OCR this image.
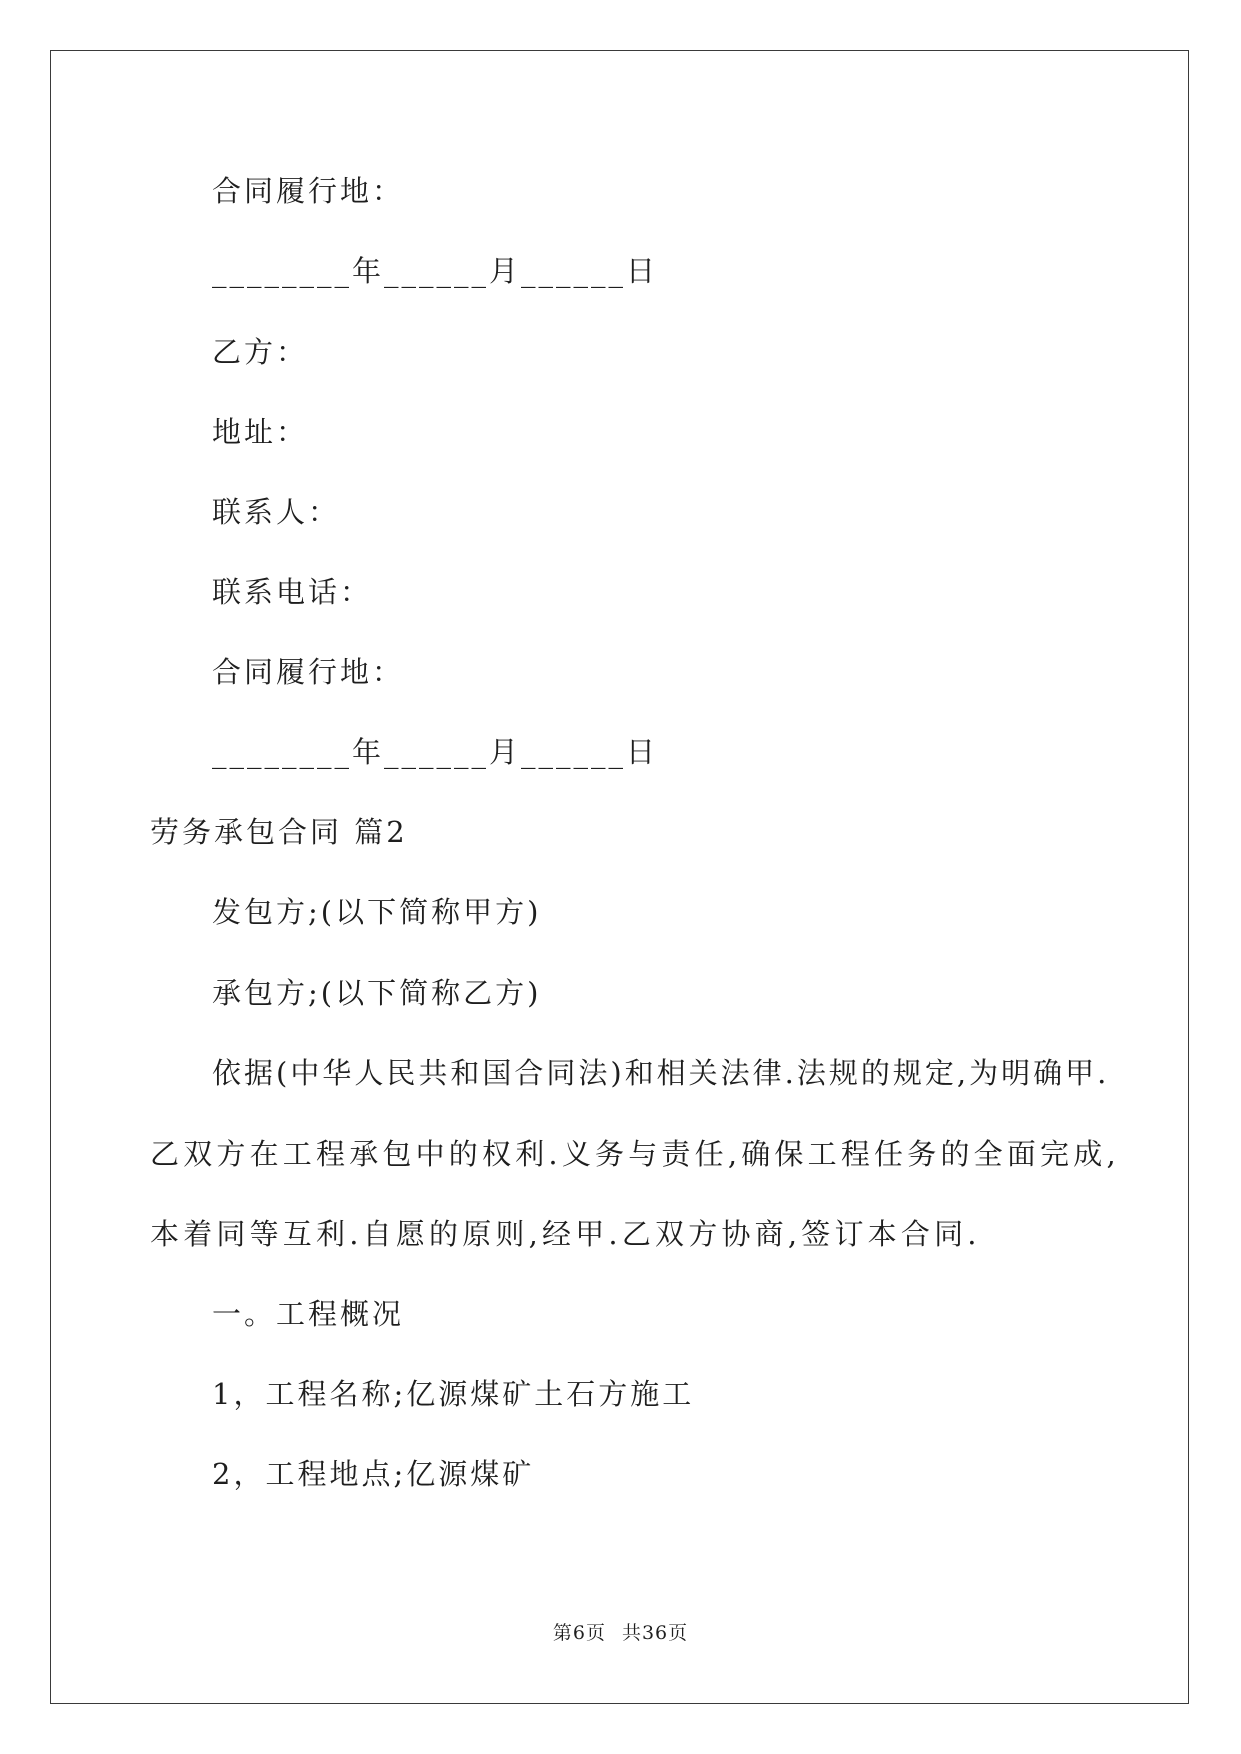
合同履行地：
________年______月______日
乙方：
地址：
联系人：
联系电话：
合同履行地：
________年______月______日
劳务承包合同 篇2
发包方;(以下简称甲方)
承包方;(以下简称乙方)
依据(中华人民共和国合同法)和相关法律.法规的规定,为明确甲.
乙双方在工程承包中的权利.义务与责任,确保工程任务的全面完成,
本着同等互利.自愿的原则,经甲.乙双方协商,签订本合同.
一。工程概况
1，工程名称;亿源煤矿土石方施工
2，工程地点;亿源煤矿
第6页 共36页
